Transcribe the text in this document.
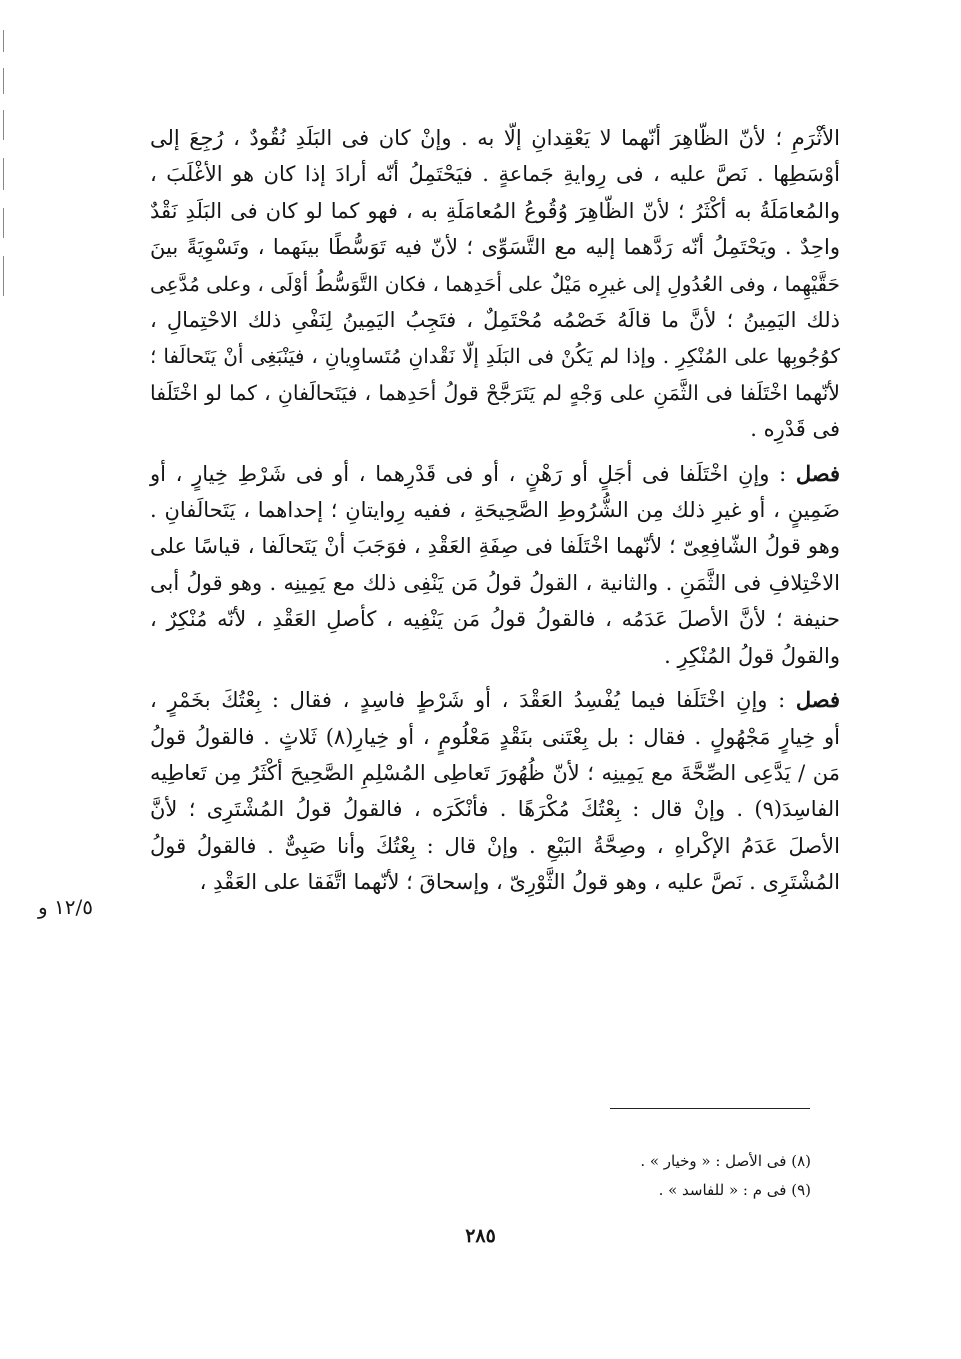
الأثْرَمِ ؛ لأنّ الظّاهِرَ أنّهما لا يَعْقِدانِ إلّا به . وإنْ كان فى البَلَدِ نُقُودٌ ، رُجِعَ إلى
أوْسَطِها . نَصَّ عليه ، فى رِوايةِ جَماعةٍ . فيَحْتَمِلُ أنّه أرادَ إذا كان هو الأغْلَبَ ،
والمُعامَلَةُ به أكْثَرُ ؛ لأنّ الظّاهِرَ وُقُوعُ المُعامَلَةِ به ، فهو كما لو كان فى البَلَدِ نَقْدٌ
واحِدٌ . ويَحْتَمِلُ أنّه رَدَّهما إليه مع التَّسَوِّى ؛ لأنّ فيه تَوَسُّطًا بينَهما ، وتَسْوِيَةً بينَ
حَقَّيْهِما ، وفى العُدُولِ إلى غيرِه مَيْلٌ على أحَدِهما ، فكان التَّوَسُّطُ أوْلَى ، وعلى مُدَّعِى
ذلك اليَمِينُ ؛ لأنَّ ما قالَهُ خَصْمُه مُحْتَمِلٌ ، فتَجِبُ اليَمِينُ لِنَفْىِ ذلك الاحْتِمالِ ،
كوُجُوبِها على المُنْكِرِ . وإذا لم يَكُنْ فى البَلَدِ إلّا نَقْدانِ مُتَساوِيانِ ، فيَنْبَغِى أنْ يَتَحالَفا ؛
لأنّهما اخْتَلَفا فى الثَّمَنِ على وَجْهٍ لم يَتَرَجَّحْ قولُ أحَدِهما ، فيَتَحالَفانِ ، كما لو اخْتَلَفا
فى قَدْرِه .
فصل : وإنِ اخْتَلَفا فى أجَلٍ أو رَهْنٍ ، أو فى قَدْرِهما ، أو فى شَرْطِ خِيارٍ ، أو
ضَمِينٍ ، أو غيرِ ذلك مِن الشُّرُوطِ الصَّحِيحَةِ ، ففيه رِوايتانِ ؛ إحداهما ، يَتَحالَفانِ .
وهو قولُ الشّافِعِىّ ؛ لأنّهما اخْتَلَفا فى صِفَةِ العَقْدِ ، فوَجَبَ أنْ يَتَحالَفا ، قياسًا على
الاخْتِلافِ فى الثَّمَنِ . والثانية ، القولُ قولُ مَن يَنْفِى ذلك مع يَمِينِه . وهو قولُ أبى
حنيفة ؛ لأنَّ الأصلَ عَدَمُه ، فالقولُ قولُ مَن يَنْفِيه ، كأصلِ العَقْدِ ، لأنّه مُنْكِرٌ ،
والقولُ قولُ المُنْكِرِ .
فصل : وإنِ اخْتَلَفا فيما يُفْسِدُ العَقْدَ ، أو شَرْطٍ فاسِدٍ ، فقال : بِعْتُكَ بخَمْرٍ ،
أو خِيارٍ مَجْهُولٍ . فقال : بل بِعْتَنى بنَقْدٍ مَعْلُومٍ ، أو خِيارِ(٨) ثَلاثٍ . فالقولُ قولُ
مَن / يَدَّعِى الصِّحَّةَ مع يَمِينِه ؛ لأنّ ظُهُورَ تَعاطِى المُسْلِمِ الصَّحِيحَ أكْثَرُ مِن تَعاطِيه
الفاسِدَ(٩) . وإنْ قال : بِعْتُكَ مُكْرَهًا . فأنْكَرَه ، فالقولُ قولُ المُشْتَرِى ؛ لأنَّ
الأصلَ عَدَمُ الإكْراهِ ، وصِحَّةُ البَيْعِ . وإنْ قال : بِعْتُكَ وأنا صَبِىٌّ . فالقولُ قولُ
المُشْتَرِى . نَصَّ عليه ، وهو قولُ الثَّوْرِىّ ، وإسحاقَ ؛ لأنّهما اتَّفَقا على العَقْدِ ،
١٢/٥ و
(٨) فى الأصل : « وخيار » .
(٩) فى م : « للفاسد » .
٢٨٥
